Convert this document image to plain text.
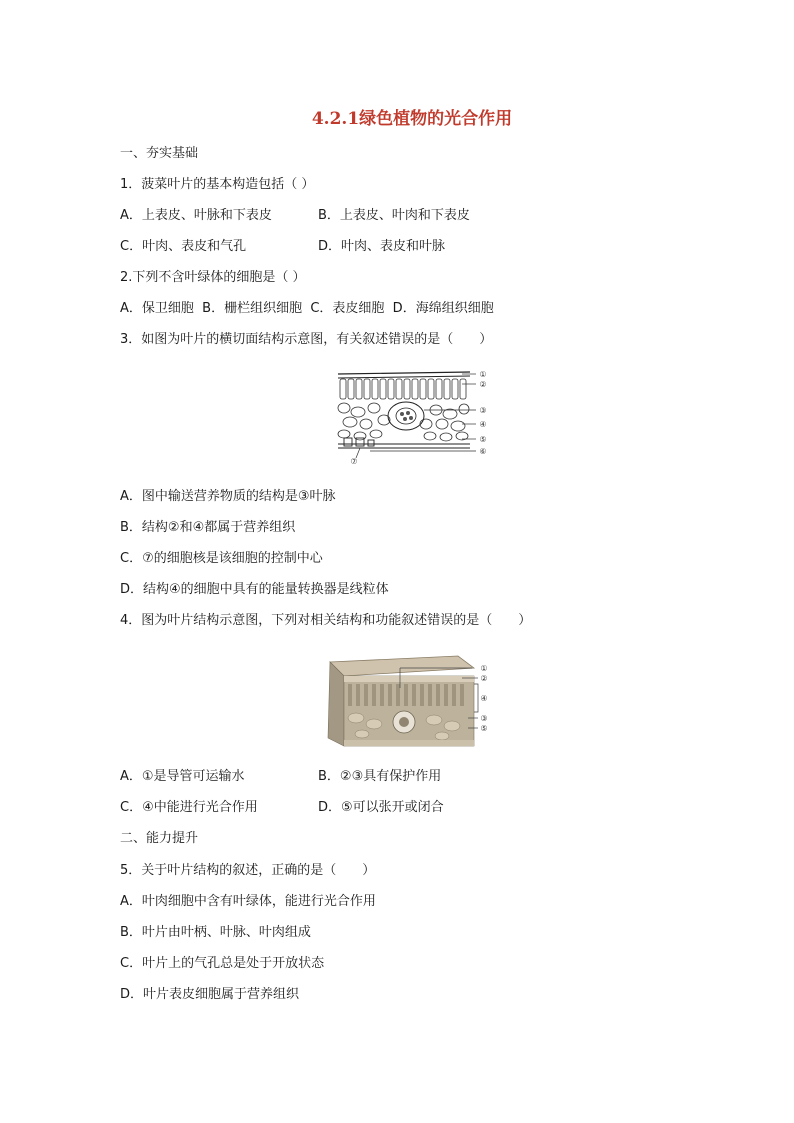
4.2.1绿色植物的光合作用
一、夯实基础
1．菠菜叶片的基本构造包括（ ）
A．上表皮、叶脉和下表皮	B．上表皮、叶肉和下表皮
C．叶肉、表皮和气孔	D．叶肉、表皮和叶脉
2.下列不含叶绿体的细胞是（ ）
A．保卫细胞  B．栅栏组织细胞  C．表皮细胞  D．海绵组织细胞
3．如图为叶片的横切面结构示意图，有关叙述错误的是（　　）
①
②
③
④
⑤
⑥
⑦
A．图中输送营养物质的结构是③叶脉
B．结构②和④都属于营养组织
C．⑦的细胞核是该细胞的控制中心
D．结构④的细胞中具有的能量转换器是线粒体
4．图为叶片结构示意图，下列对相关结构和功能叙述错误的是（　　）
①
②
④
③
⑤
A．①是导管可运输水	B．②③具有保护作用
C．④中能进行光合作用	D．⑤可以张开或闭合
二、能力提升
5．关于叶片结构的叙述，正确的是（　　）
A．叶肉细胞中含有叶绿体，能进行光合作用
B．叶片由叶柄、叶脉、叶肉组成
C．叶片上的气孔总是处于开放状态
D．叶片表皮细胞属于营养组织
